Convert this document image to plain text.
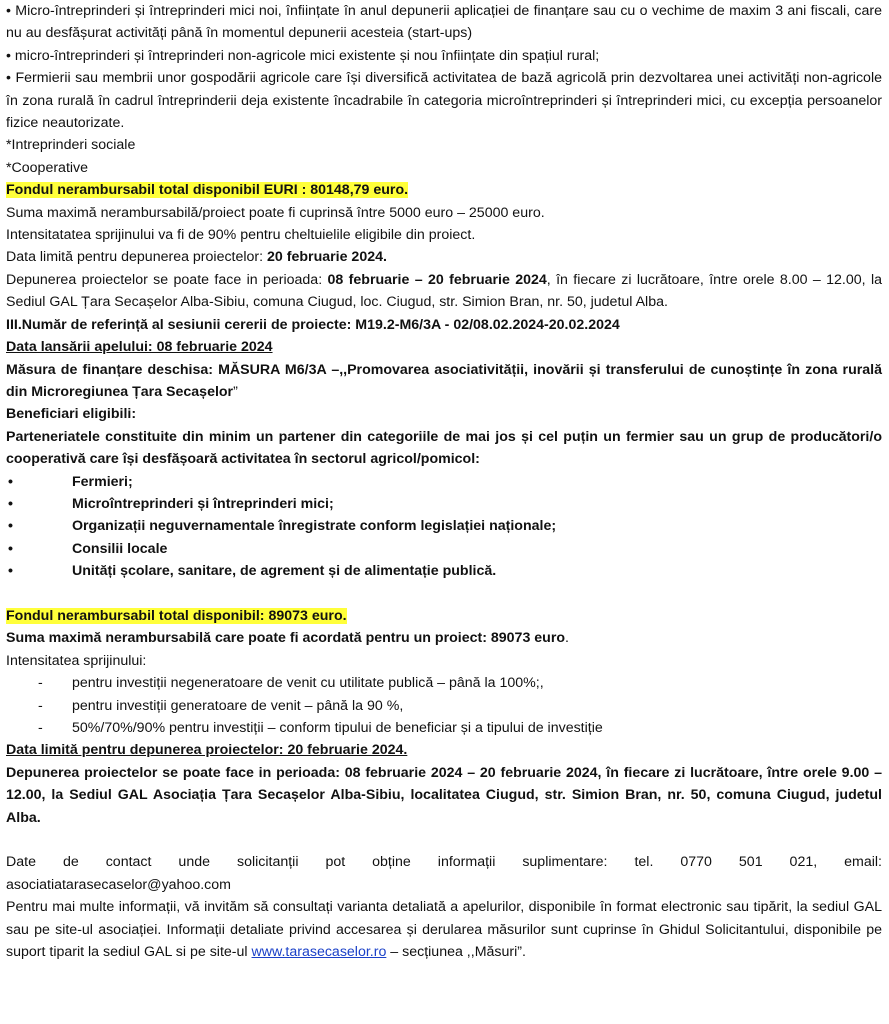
• Micro-întreprinderi și întreprinderi mici noi, înființate în anul depunerii aplicației de finanțare sau cu o vechime de maxim 3 ani fiscali, care nu au desfășurat activități până în momentul depunerii acesteia (start-ups)

• micro-întreprinderi și întreprinderi non-agricole mici existente și nou înființate din spațiul rural;

• Fermierii sau membrii unor gospodării agricole care își diversifică activitatea de bază agricolă prin dezvoltarea unei activități non-agricole în zona rurală în cadrul întreprinderii deja existente încadrabile în categoria microîntreprinderi și întreprinderi mici, cu excepția persoanelor fizice neautorizate.

*Intreprinderi sociale

*Cooperative

Fondul nerambursabil total disponibil EURI : 80148,79 euro.

Suma maximă nerambursabilă/proiect poate fi cuprinsă între 5000 euro – 25000 euro.

Intensitatatea sprijinului va fi de 90% pentru cheltuielile eligibile din proiect.

Data limită pentru depunerea proiectelor: 20 februarie 2024.

Depunerea proiectelor se poate face in perioada: 08 februarie – 20 februarie 2024, în fiecare zi lucrătoare, între orele 8.00 – 12.00, la Sediul GAL Țara Secașelor Alba-Sibiu, comuna Ciugud, loc. Ciugud, str. Simion Bran, nr. 50, judetul Alba.

III.Număr de referință al sesiunii cererii de proiecte: M19.2-M6/3A - 02/08.02.2024-20.02.2024

Data lansării apelului: 08 februarie 2024

Măsura de finanțare deschisa: MĂSURA M6/3A –,,Promovarea asociativității, inovării și transferului de cunoștințe în zona rurală din Microregiunea Țara Secașelor”

Beneficiari eligibili:

Parteneriatele constituite din minim un partener din categoriile de mai jos și cel puțin un fermier sau un grup de producători/o cooperativă care își desfășoară activitatea în sectorul agricol/pomicol:

•	Fermieri;
•	Microîntreprinderi și întreprinderi mici;
•	Organizații neguvernamentale înregistrate conform legislației naționale;
•	Consilii locale
•	Unități școlare, sanitare, de agrement și de alimentație publică.

Fondul nerambursabil total disponibil: 89073 euro.

Suma maximă nerambursabilă care poate fi acordată pentru un proiect: 89073 euro.

Intensitatea sprijinului:

-	pentru investiții negeneratoare de venit cu utilitate publică – până la 100%;,
-	pentru investiții generatoare de venit – până la 90 %,
-	50%/70%/90% pentru investiții – conform tipului de beneficiar și a tipului de investiție

Data limită pentru depunerea proiectelor: 20 februarie 2024.

Depunerea proiectelor se poate face in perioada: 08 februarie 2024 – 20 februarie 2024, în fiecare zi lucrătoare, între orele 9.00 – 12.00, la Sediul GAL Asociația Țara Secașelor Alba-Sibiu, localitatea Ciugud, str. Simion Bran, nr. 50, comuna Ciugud, judetul Alba.

Date de contact unde solicitanții pot obține informații suplimentare: tel. 0770 501 021, email:

asociatiatarasecaselor@yahoo.com

Pentru mai multe informații, vă invităm să consultați varianta detaliată a apelurilor, disponibile în format electronic sau tipărit, la sediul GAL sau pe site-ul asociației. Informații detaliate privind accesarea și derularea măsurilor sunt cuprinse în Ghidul Solicitantului, disponibile pe suport tiparit la sediul GAL si pe site-ul www.tarasecaselor.ro – secțiunea ,,Măsuri”.
